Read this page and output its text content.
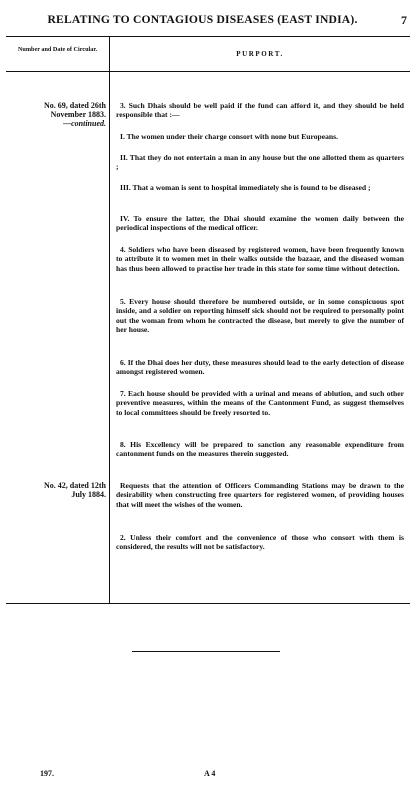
RELATING TO CONTAGIOUS DISEASES (EAST INDIA).	7
Number and Date of Circular.
PURPORT.
No. 69, dated 26th
November 1883.
—continued.

3. Such Dhais should be well paid if the fund can afford it, and they should be held responsible that :—

I. The women under their charge consort with none but Europeans.

II. That they do not entertain a man in any house but the one allotted them as quarters ;

III. That a woman is sent to hospital immediately she is found to be diseased ;

IV. To ensure the latter, the Dhai should examine the women daily between the periodical inspections of the medical officer.

4. Soldiers who have been diseased by registered women, have been frequently known to attribute it to women met in their walks outside the bazaar, and the diseased woman has thus been allowed to practise her trade in this state for some time without detection.

5. Every house should therefore be numbered outside, or in some conspicuous spot inside, and a soldier on reporting himself sick should not be required to personally point out the woman from whom he contracted the disease, but merely to give the number of her house.

6. If the Dhai does her duty, these measures should lead to the early detection of disease amongst registered women.

7. Each house should be provided with a urinal and means of ablution, and such other preventive measures, within the means of the Cantonment Fund, as suggest themselves to local committees should be freely resorted to.

8. His Excellency will be prepared to sanction any reasonable expenditure from cantonment funds on the measures therein suggested.

No. 42, dated 12th
July 1884.

Requests that the attention of Officers Commanding Stations may be drawn to the desirability when constructing free quarters for registered women, of providing houses that will meet the wishes of the women.

2. Unless their comfort and the convenience of those who consort with them is considered, the results will not be satisfactory.

197.	A 4
